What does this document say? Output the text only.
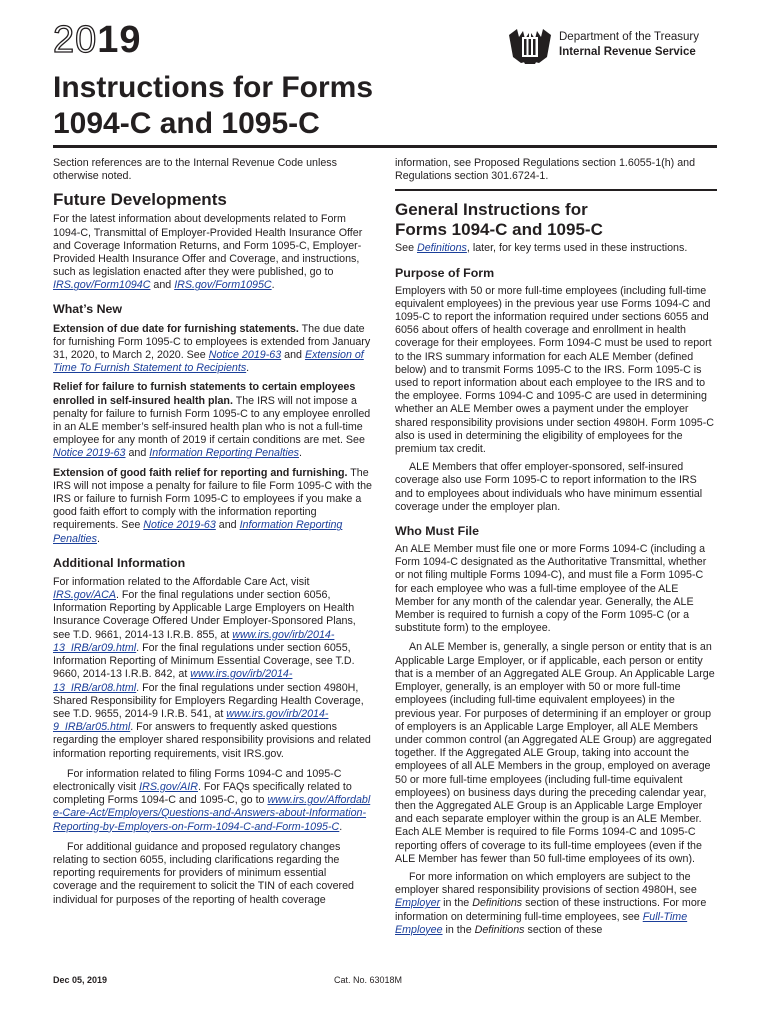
2019
Instructions for Forms
1094-C and 1095-C
Department of the Treasury
Internal Revenue Service

Section references are to the Internal Revenue Code unless otherwise noted.

Future Developments

For the latest information about developments related to Form 1094-C, Transmittal of Employer-Provided Health Insurance Offer and Coverage Information Returns, and Form 1095-C, Employer-Provided Health Insurance Offer and Coverage, and instructions, such as legislation enacted after they were published, go to IRS.gov/Form1094C and IRS.gov/Form1095C.

What’s New

Extension of due date for furnishing statements. The due date for furnishing Form 1095-C to employees is extended from January 31, 2020, to March 2, 2020. See Notice 2019-63 and Extension of Time To Furnish Statement to Recipients.

Relief for failure to furnish statements to certain employees enrolled in self-insured health plan. The IRS will not impose a penalty for failure to furnish Form 1095-C to any employee enrolled in an ALE member’s self-insured health plan who is not a full-time employee for any month of 2019 if certain conditions are met. See Notice 2019-63 and Information Reporting Penalties.

Extension of good faith relief for reporting and furnishing. The IRS will not impose a penalty for failure to file Form 1095-C with the IRS or failure to furnish Form 1095-C to employees if you make a good faith effort to comply with the information reporting requirements. See Notice 2019-63 and Information Reporting Penalties.

Additional Information

For information related to the Affordable Care Act, visit IRS.gov/ACA. For the final regulations under section 6056, Information Reporting by Applicable Large Employers on Health Insurance Coverage Offered Under Employer-Sponsored Plans, see T.D. 9661, 2014-13 I.R.B. 855, at www.irs.gov/irb/2014-13_IRB/ar09.html. For the final regulations under section 6055, Information Reporting of Minimum Essential Coverage, see T.D. 9660, 2014-13 I.R.B. 842, at www.irs.gov/irb/2014-13_IRB/ar08.html. For the final regulations under section 4980H, Shared Responsibility for Employers Regarding Health Coverage, see T.D. 9655, 2014-9 I.R.B. 541, at www.irs.gov/irb/2014-9_IRB/ar05.html. For answers to frequently asked questions regarding the employer shared responsibility provisions and related information reporting requirements, visit IRS.gov.

For information related to filing Forms 1094-C and 1095-C electronically visit IRS.gov/AIR. For FAQs specifically related to completing Forms 1094-C and 1095-C, go to www.irs.gov/Affordable-Care-Act/Employers/Questions-and-Answers-about-Information-Reporting-by-Employers-on-Form-1094-C-and-Form-1095-C.

For additional guidance and proposed regulatory changes relating to section 6055, including clarifications regarding the reporting requirements for providers of minimum essential coverage and the requirement to solicit the TIN of each covered individual for purposes of the reporting of health coverage

information, see Proposed Regulations section 1.6055-1(h) and Regulations section 301.6724-1.

General Instructions for
Forms 1094-C and 1095-C

See Definitions, later, for key terms used in these instructions.

Purpose of Form

Employers with 50 or more full-time employees (including full-time equivalent employees) in the previous year use Forms 1094-C and 1095-C to report the information required under sections 6055 and 6056 about offers of health coverage and enrollment in health coverage for their employees. Form 1094-C must be used to report to the IRS summary information for each ALE Member (defined below) and to transmit Forms 1095-C to the IRS. Form 1095-C is used to report information about each employee to the IRS and to the employee. Forms 1094-C and 1095-C are used in determining whether an ALE Member owes a payment under the employer shared responsibility provisions under section 4980H. Form 1095-C also is used in determining the eligibility of employees for the premium tax credit.

ALE Members that offer employer-sponsored, self-insured coverage also use Form 1095-C to report information to the IRS and to employees about individuals who have minimum essential coverage under the employer plan.

Who Must File

An ALE Member must file one or more Forms 1094-C (including a Form 1094-C designated as the Authoritative Transmittal, whether or not filing multiple Forms 1094-C), and must file a Form 1095-C for each employee who was a full-time employee of the ALE Member for any month of the calendar year. Generally, the ALE Member is required to furnish a copy of the Form 1095-C (or a substitute form) to the employee.

An ALE Member is, generally, a single person or entity that is an Applicable Large Employer, or if applicable, each person or entity that is a member of an Aggregated ALE Group. An Applicable Large Employer, generally, is an employer with 50 or more full-time employees (including full-time equivalent employees) in the previous year. For purposes of determining if an employer or group of employers is an Applicable Large Employer, all ALE Members under common control (an Aggregated ALE Group) are aggregated together. If the Aggregated ALE Group, taking into account the employees of all ALE Members in the group, employed on average 50 or more full-time employees (including full-time equivalent employees) on business days during the preceding calendar year, then the Aggregated ALE Group is an Applicable Large Employer and each separate employer within the group is an ALE Member. Each ALE Member is required to file Forms 1094-C and 1095-C reporting offers of coverage to its full-time employees (even if the ALE Member has fewer than 50 full-time employees of its own).

For more information on which employers are subject to the employer shared responsibility provisions of section 4980H, see Employer in the Definitions section of these instructions. For more information on determining full-time employees, see Full-Time Employee in the Definitions section of these

Dec 05, 2019	Cat. No. 63018M
